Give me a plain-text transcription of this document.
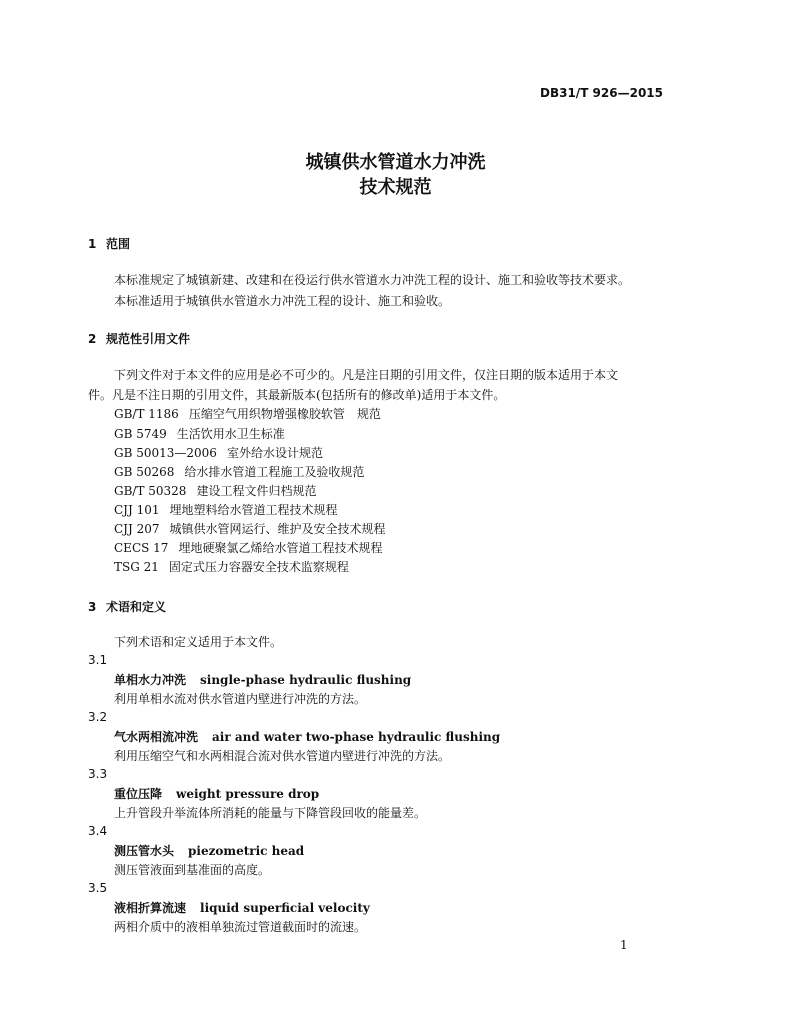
DB31/T 926—2015
城镇供水管道水力冲洗
技术规范
1 范围
本标准规定了城镇新建、改建和在役运行供水管道水力冲洗工程的设计、施工和验收等技术要求。
本标准适用于城镇供水管道水力冲洗工程的设计、施工和验收。
2 规范性引用文件
下列文件对于本文件的应用是必不可少的。凡是注日期的引用文件，仅注日期的版本适用于本文
件。凡是不注日期的引用文件，其最新版本(包括所有的修改单)适用于本文件。
GB/T 1186 压缩空气用织物增强橡胶软管　规范
GB 5749 生活饮用水卫生标准
GB 50013—2006 室外给水设计规范
GB 50268 给水排水管道工程施工及验收规范
GB/T 50328 建设工程文件归档规范
CJJ 101 埋地塑料给水管道工程技术规程
CJJ 207 城镇供水管网运行、维护及安全技术规程
CECS 17 埋地硬聚氯乙烯给水管道工程技术规程
TSG 21 固定式压力容器安全技术监察规程
3 术语和定义
下列术语和定义适用于本文件。
3.1
单相水力冲洗 single-phase hydraulic flushing
利用单相水流对供水管道内壁进行冲洗的方法。
3.2
气水两相流冲洗 air and water two-phase hydraulic flushing
利用压缩空气和水两相混合流对供水管道内壁进行冲洗的方法。
3.3
重位压降 weight pressure drop
上升管段升举流体所消耗的能量与下降管段回收的能量差。
3.4
测压管水头 piezometric head
测压管液面到基准面的高度。
3.5
液相折算流速 liquid superficial velocity
两相介质中的液相单独流过管道截面时的流速。
1
